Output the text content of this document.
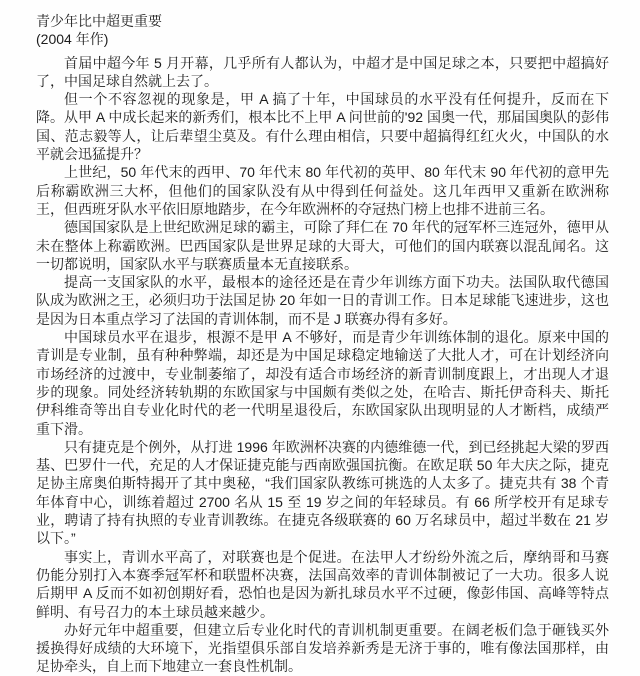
青少年比中超更重要

(2004 年作)

首届中超今年 5 月开幕，几乎所有人都认为，中超才是中国足球之本，只要把中超搞好了，中国足球自然就上去了。

但一个不容忽视的现象是，甲 A 搞了十年，中国球员的水平没有任何提升，反而在下降。从甲 A 中成长起来的新秀们，根本比不上甲 A 问世前的'92 国奥一代，那届国奥队的彭伟国、范志毅等人，让后辈望尘莫及。有什么理由相信，只要中超搞得红红火火，中国队的水平就会迅猛提升？

上世纪，50 年代末的西甲、70 年代末 80 年代初的英甲、80 年代末 90 年代初的意甲先后称霸欧洲三大杯，但他们的国家队没有从中得到任何益处。这几年西甲又重新在欧洲称王，但西班牙队水平依旧原地踏步，在今年欧洲杯的夺冠热门榜上也排不进前三名。

德国国家队是上世纪欧洲足球的霸主，可除了拜仁在 70 年代的冠军杯三连冠外，德甲从未在整体上称霸欧洲。巴西国家队是世界足球的大哥大，可他们的国内联赛以混乱闻名。这一切都说明，国家队水平与联赛质量本无直接联系。

提高一支国家队的水平，最根本的途径还是在青少年训练方面下功夫。法国队取代德国队成为欧洲之王，必须归功于法国足协 20 年如一日的青训工作。日本足球能飞速进步，这也是因为日本重点学习了法国的青训体制，而不是 J 联赛办得有多好。

中国球员水平在退步，根源不是甲 A 不够好，而是青少年训练体制的退化。原来中国的青训是专业制，虽有种种弊端，却还是为中国足球稳定地输送了大批人才，可在计划经济向市场经济的过渡中，专业制萎缩了，却没有适合市场经济的新青训制度跟上，才出现人才退步的现象。同处经济转轨期的东欧国家与中国颇有类似之处，在哈吉、斯托伊奇科夫、斯托伊科维奇等出自专业化时代的老一代明星退役后，东欧国家队出现明显的人才断档，成绩严重下滑。

只有捷克是个例外，从打进 1996 年欧洲杯决赛的内德维德一代，到已经挑起大梁的罗西基、巴罗什一代，充足的人才保证捷克能与西南欧强国抗衡。在欧足联 50 年大庆之际，捷克足协主席奥伯斯特揭开了其中奥秘，“我们国家队教练可挑选的人太多了。捷克共有 38 个青年体育中心，训练着超过 2700 名从 15 至 19 岁之间的年轻球员。有 66 所学校开有足球专业，聘请了持有执照的专业青训教练。在捷克各级联赛的 60 万名球员中，超过半数在 21 岁以下。”

事实上，青训水平高了，对联赛也是个促进。在法甲人才纷纷外流之后，摩纳哥和马赛仍能分别打入本赛季冠军杯和联盟杯决赛，法国高效率的青训体制被记了一大功。很多人说后期甲 A 反而不如初创期好看，恐怕也是因为新扎球员水平不过硬，像彭伟国、高峰等特点鲜明、有号召力的本土球员越来越少。

办好元年中超重要，但建立后专业化时代的青训机制更重要。在阔老板们急于砸钱买外援换得好成绩的大环境下，光指望俱乐部自发培养新秀是无济于事的，唯有像法国那样，由足协牵头，自上而下地建立一套良性机制。
